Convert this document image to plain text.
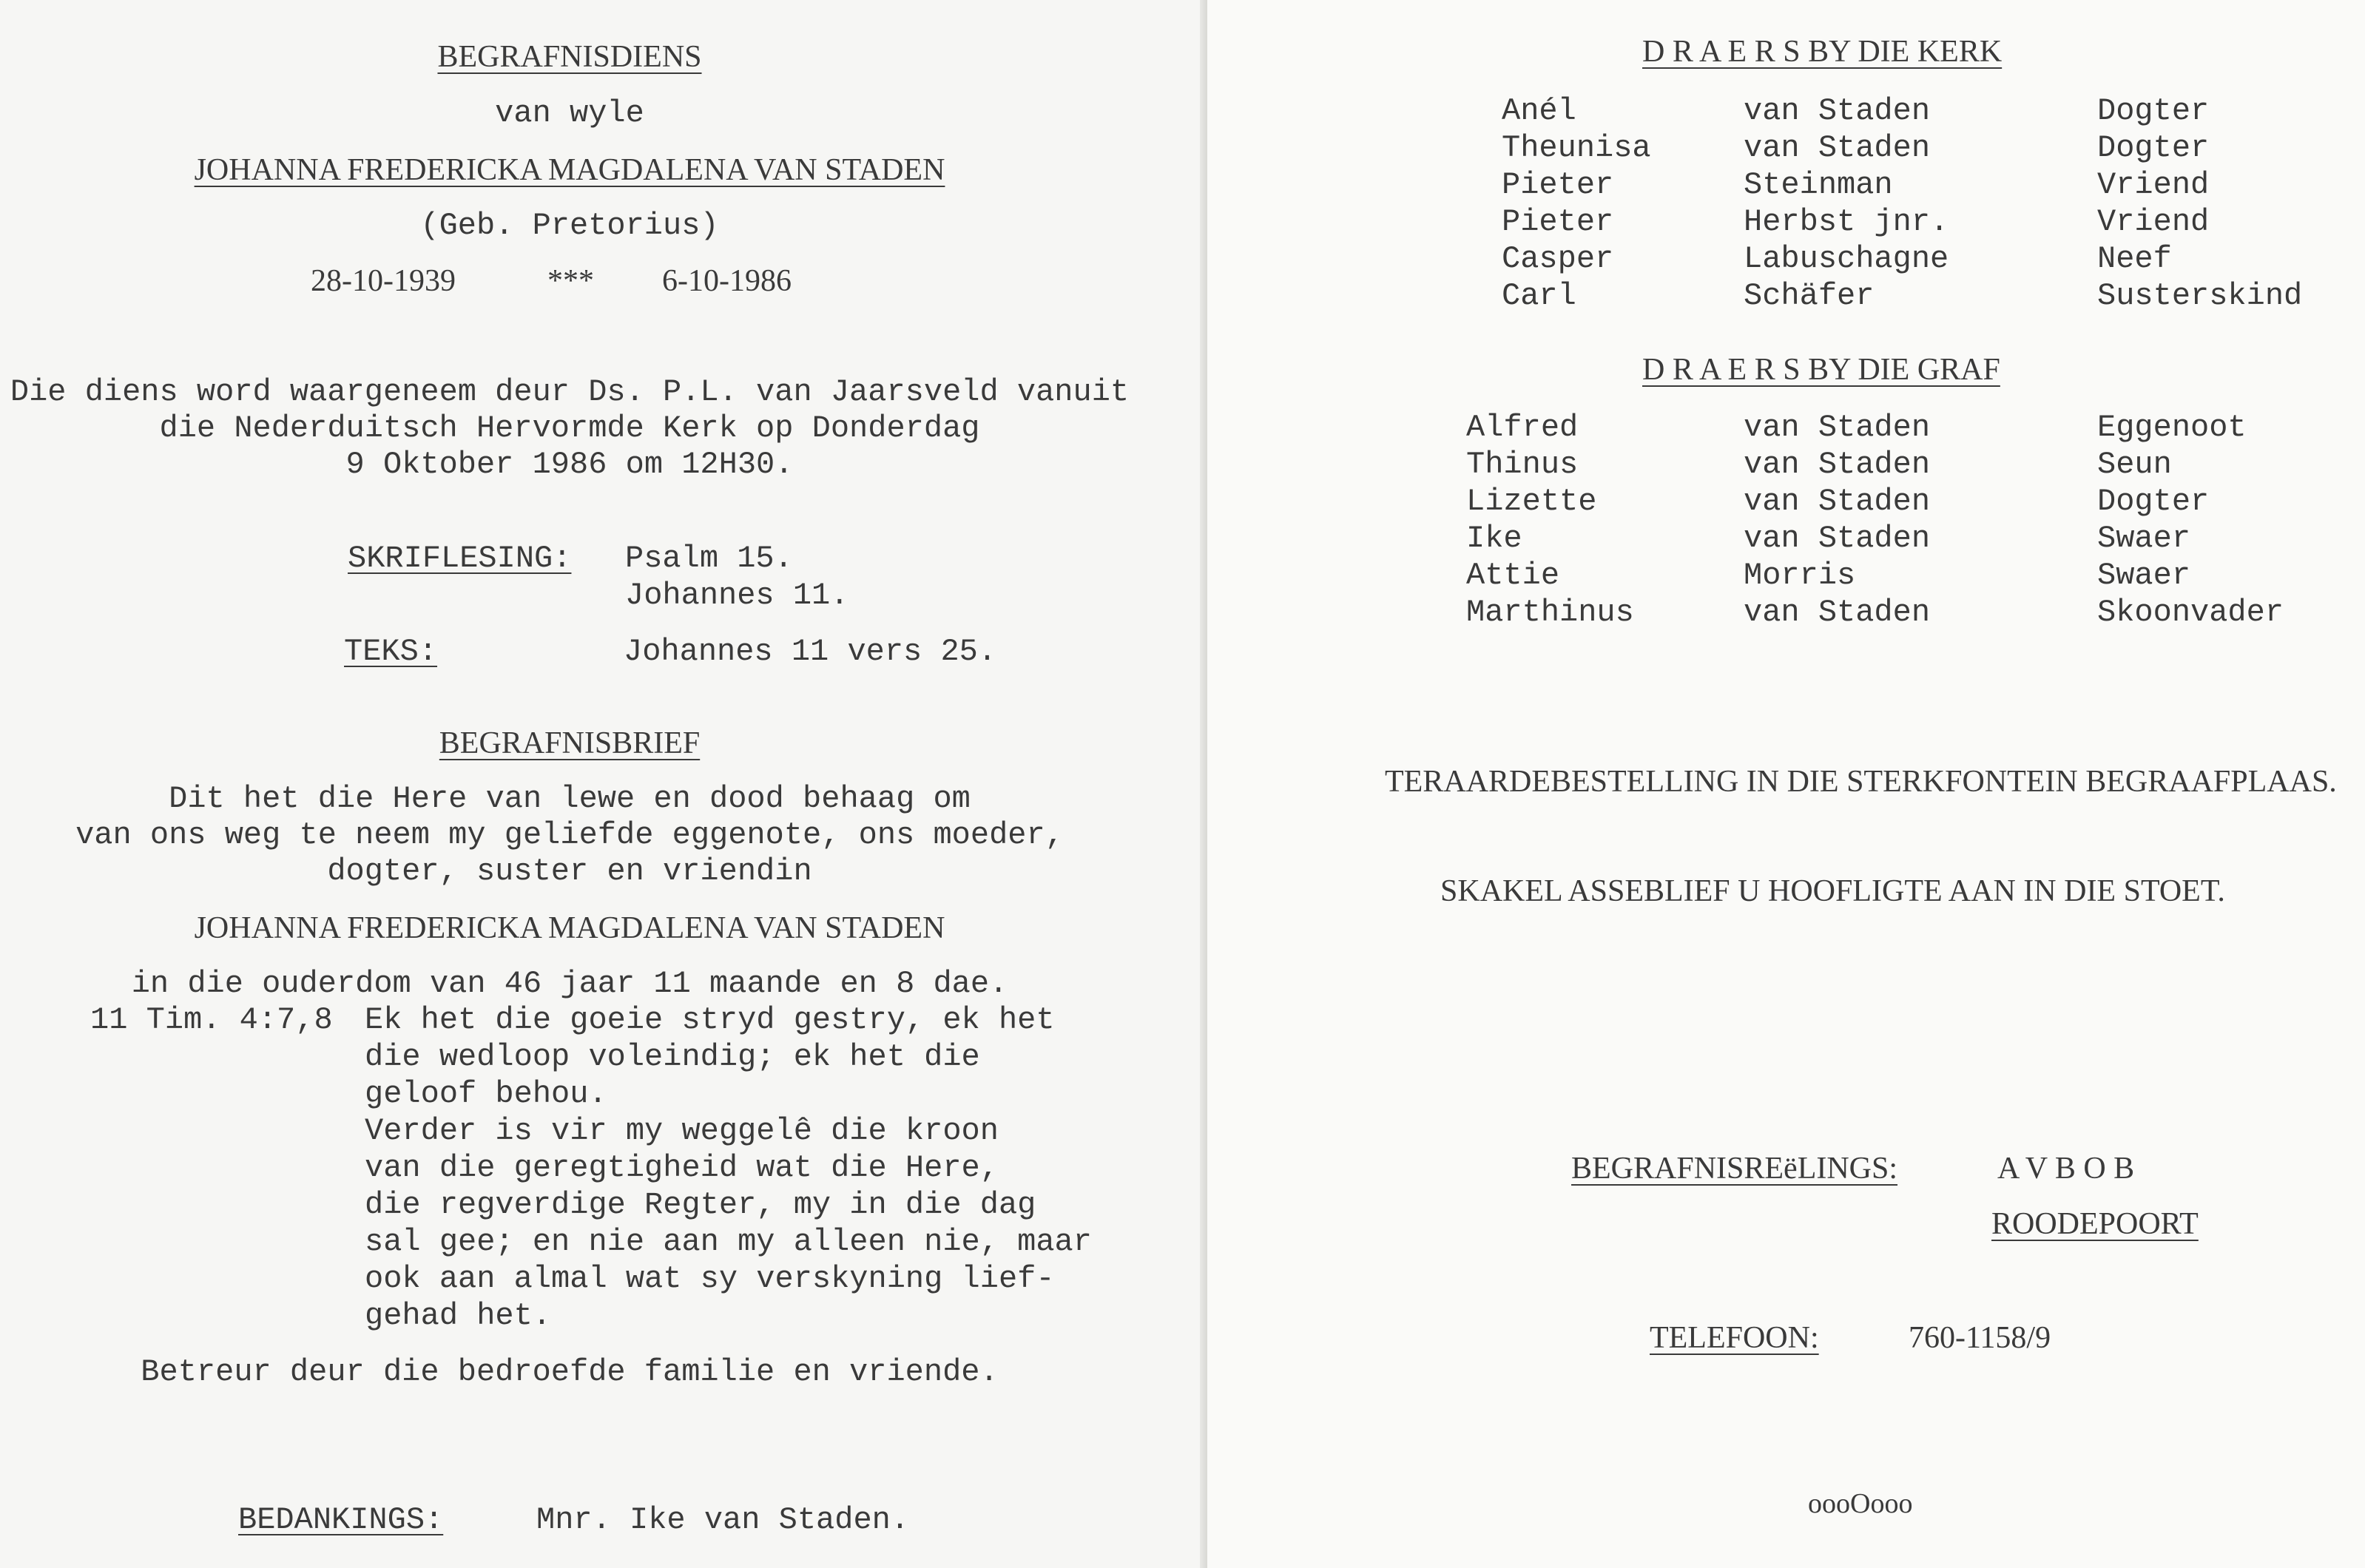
BEGRAFNISDIENS
van wyle
JOHANNA FREDERICKA MAGDALENA VAN STADEN
(Geb. Pretorius)
28-10-1939	*** 6-10-1986
Die diens word waargeneem deur Ds. P.L. van Jaarsveld vanuit
die Nederduitsch Hervormde Kerk op Donderdag
9 Oktober 1986 om 12H30.
SKRIFLESING: Psalm 15.
Johannes 11.
TEKS:	Johannes 11 vers 25.
BEGRAFNISBRIEF
Dit het die Here van lewe en dood behaag om
van ons weg te neem my geliefde eggenote, ons moeder,
dogter, suster en vriendin
JOHANNA FREDERICKA MAGDALENA VAN STADEN
in die ouderdom van 46 jaar 11 maande en 8 dae.
11 Tim. 4:7,8 Ek het die goeie stryd gestry, ek het
die wedloop voleindig; ek het die
geloof behou.
Verder is vir my weggelê die kroon
van die geregtigheid wat die Here,
die regverdige Regter, my in die dag
sal gee; en nie aan my alleen nie, maar
ook aan almal wat sy verskyning lief-
gehad het.
Betreur deur die bedroefde familie en vriende.
BEDANKINGS:	Mnr. Ike van Staden.
D R A E R S BY DIE KERK
Anél	van Staden	Dogter
Theunisa	van Staden	Dogter
Pieter	Steinman	Vriend
Pieter	Herbst jnr.	Vriend
Casper	Labuschagne	Neef
Carl	Schäfer	Susterskind
D R A E R S BY DIE GRAF
Alfred	van Staden	Eggenoot
Thinus	van Staden	Seun
Lizette	van Staden	Dogter
Ike	van Staden	Swaer
Attie	Morris	Swaer
Marthinus	van Staden	Skoonvader
TERAARDEBESTELLING IN DIE STERKFONTEIN BEGRAAFPLAAS.
SKAKEL ASSEBLIEF U HOOFLIGTE AAN IN DIE STOET.
BEGRAFNISREëLINGS:	A V B O B
ROODEPOORT
TELEFOON:	760-1158/9
oooOooo
